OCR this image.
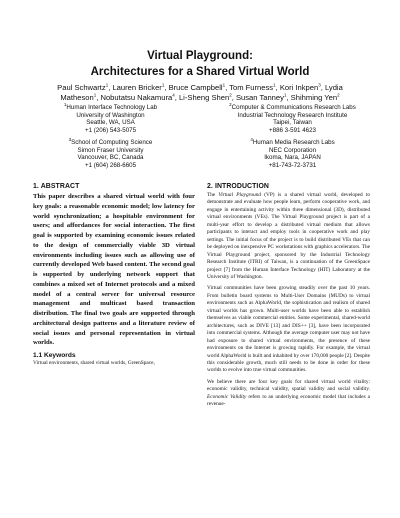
Virtual Playground:
Architectures for a Shared Virtual World
Paul Schwartz$^1$, Lauren Bricker$^1$, Bruce Campbell$^1$, Tom Furness$^1$, Kori Inkpen$^3$, Lydia
Matheson$^1$, Nobutatsu Nakamura$^4$, Li-Sheng Shen$^2$, Susan Tanney$^1$, Shihming Yen$^2$
$^1$Human Interface Technology Lab
University of Washington
Seattle, WA, USA
+1 (206) 543-5075
$^2$Computer & Communications Research Labs
Industrial Technology Research Institute
Taipei, Taiwan
+886 3-591 4623
$^3$School of Computing Science
Simon Fraser University
Vancouver, BC, Canada
+1 (604) 268-6605
$^4$Human Media Research Labs
NEC Corporation
Ikoma, Nara, JAPAN
+81-743-72-3731
1. ABSTRACT

This paper describes a shared virtual world with four key goals: a reasonable economic model; low latency for world synchronization; a hospitable environment for users; and affordances for social interaction. The first goal is supported by examining economic issues related to the design of commercially viable 3D virtual environments including issues such as allowing use of currently developed Web based content. The second goal is supported by underlying network support that combines a mixed set of Internet protocols and a mixed model of a central server for universal resource management and multicast based transaction distribution. The final two goals are supported through architectural design patterns and a literature review of social issues and personal representation in virtual worlds.

1.1 Keywords

Virtual environments, shared virtual worlds, GreenSpace,

2. INTRODUCTION

The Virtual Playground (VP) is a shared virtual world, developed to demonstrate and evaluate how people learn, perform cooperative work, and engage in entertaining activity within three dimensional (3D), distributed virtual environments (VEs). The Virtual Playground project is part of a multi-year effort to develop a distributed virtual medium that allows participants to interact and employ tools in cooperative work and play settings. The initial focus of the project is to build distributed VEs that can be deployed on inexpensive PC workstations with graphics accelerators. The Virtual Playground project, sponsored by the Industrial Technology Research Institute (ITRI) of Taiwan, is a continuation of the GreenSpace project [7] from the Human Interface Technology (HIT) Laboratory at the University of Washington.

Virtual communities have been growing steadily over the past 10 years. From bulletin board systems to Multi-User Domains (MUDs) to virtual environments such as AlphaWorld, the sophistication and realism of shared virtual worlds has grown. Multi-user worlds have been able to establish themselves as viable commercial entities. Some experimental, shared-world architectures, such as DIVE [13] and DIS++ [3], have been incorporated into commercial systems. Although the average computer user may not have had exposure to shared virtual environments, the presence of these environments on the Internet is growing rapidly. For example, the virtual world AlphaWorld is built and inhabited by over 170,000 people [2]. Despite this considerable growth, much still needs to be done in order for these worlds to evolve into true virtual communities.

We believe there are four key goals for shared virtual world vitality: economic validity, technical validity, spatial validity and social validity. Economic Validity refers to an underlying economic model that includes a revenue-
